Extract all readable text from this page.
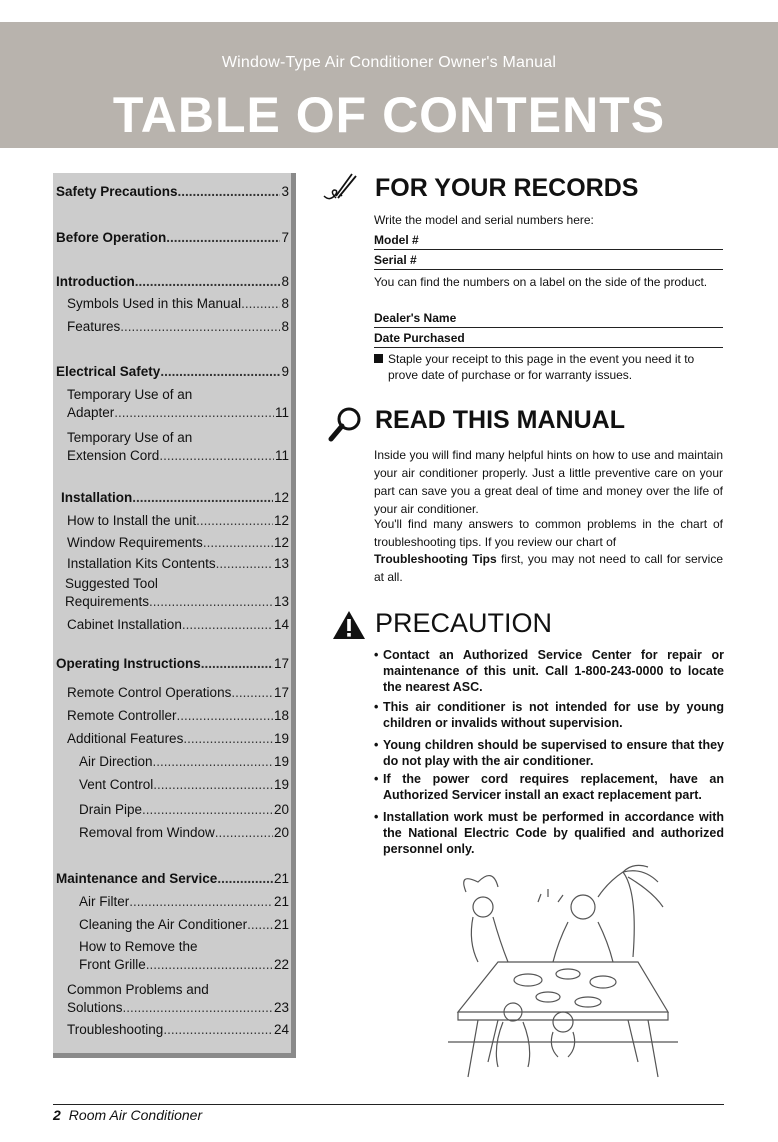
Window-Type Air Conditioner Owner's Manual
TABLE OF CONTENTS
Safety Precautions .....	3
Before Operation .....	7
Introduction .....	8
Symbols Used in this Manual .....	8
Features .....	8
Electrical Safety .....	9
Temporary Use of an
Adapter .....	11
Temporary Use of an
Extension Cord .....	11
Installation .....	12
How to Install the unit .....	12
Window Requirements .....	12
Installation Kits Contents .....	13
Suggested Tool
Requirements .....	13
Cabinet Installation .....	14
Operating Instructions .....	17
Remote Control Operations .....	17
Remote Controller .....	18
Additional Features .....	19
Air Direction .....	19
Vent Control .....	19
Drain Pipe .....	20
Removal from Window .....	20
Maintenance and Service .....	21
Air Filter .....	21
Cleaning the Air Conditioner ..... 21
How to Remove the
Front Grille .....	22
Common Problems and
Solutions .....	23
Troubleshooting .....	24
FOR YOUR RECORDS
Write the model and serial numbers here:
Model #
Serial #
You can find the numbers on a label on the side of the product.
Dealer's Name
Date Purchased
Staple your receipt to this page in the event you need it to prove date of purchase or for warranty issues.
READ THIS MANUAL
Inside you will find many helpful hints on how to use and maintain your air conditioner properly. Just a little preventive care on your part can save you a great deal of time and money over the life of your air conditioner.
You'll find many answers to common problems in the chart of troubleshooting tips. If you review our chart of
Troubleshooting Tips first, you may not need to call for service at all.
PRECAUTION
• Contact an Authorized Service Center for repair or maintenance of this unit. Call 1-800-243-0000 to locate the nearest ASC.
• This air conditioner is not intended for use by young children or invalids without supervision.
• Young children should be supervised to ensure that they do not play with the air conditioner.
• If the power cord requires replacement, have an Authorized Servicer install an exact replacement part.
• Installation work must be performed in accordance with the National Electric Code by qualified and authorized personnel only.
2 Room Air Conditioner
